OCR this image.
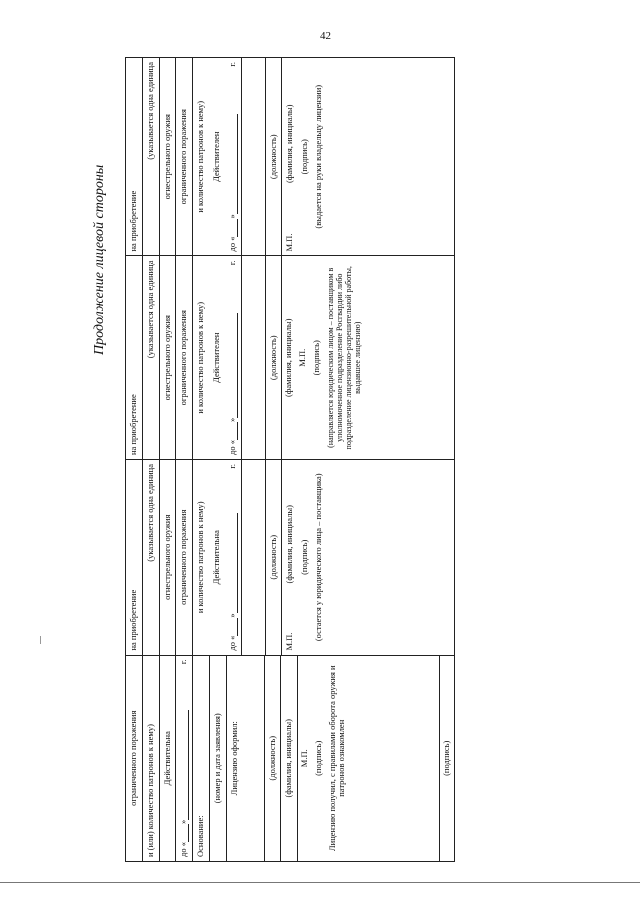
42
Продолжение лицевой стороны
ограниченного поражения и (или) количество патронов к нему) Действительна
до «»
г.
Основание:
(номер и дата заявления) Лицензию оформил:	(должность) (фамилия, инициалы) М.П. (подпись) Лицензию получил, с правилами оборота оружия и патронов ознакомлен	(подпись)
на приобретение
(указывается одна единица огнестрельного оружия ограниченного поражения и количество патронов к нему) Действительна
до «»
г.
(должность)
М.П.
(фамилия, инициалы) (подпись) (остается у юридического лица – поставщика)
на приобретение
(указывается одна единица огнестрельного оружия ограниченного поражения и количество патронов к нему) Действителен
до «»
г.
(должность) (фамилия, инициалы) М.П. (подпись) (направляется юридическим лицом – поставщиком в уполномоченное подразделение Росгвардии либо подразделение лицензионно-разрешительной работы, выдавшее лицензию)
на приобретение
(указывается одна единица огнестрельного оружия ограниченного поражения и количество патронов к нему) Действителен
до «»
г.
(должность)
М.П.
(фамилия, инициалы) (подпись) (выдается на руки владельцу лицензии)
